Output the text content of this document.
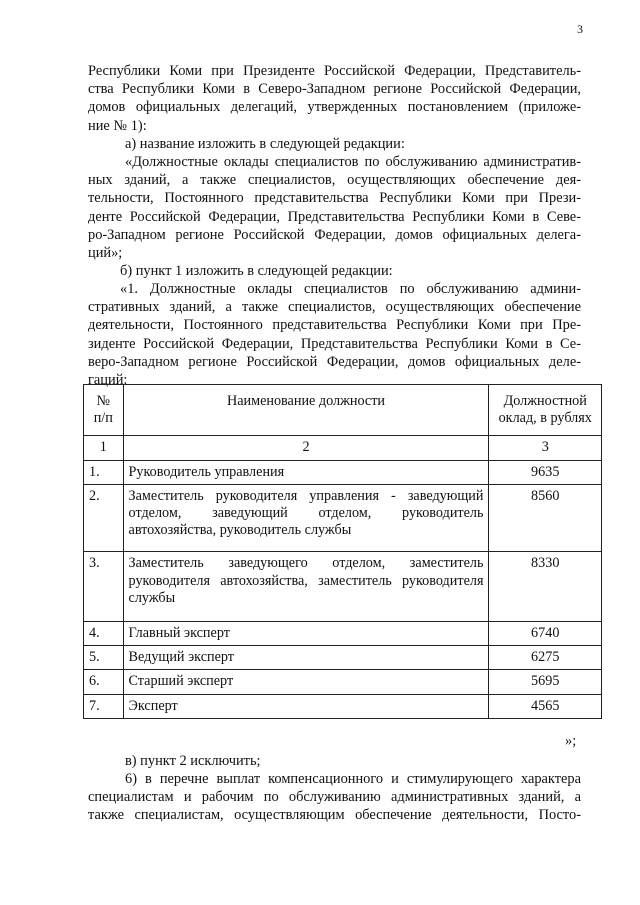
3
Республики Коми при Президенте Российской Федерации, Представитель-
ства Республики Коми в Северо-Западном регионе Российской Федерации,
домов официальных делегаций, утвержденных постановлением (приложе-
ние № 1):
а) название изложить в следующей редакции:
«Должностные оклады специалистов по обслуживанию административ-
ных зданий, а также специалистов, осуществляющих обеспечение дея-
тельности, Постоянного представительства Республики Коми при Прези-
денте Российской Федерации, Представительства Республики Коми в Севе-
ро-Западном регионе Российской Федерации, домов официальных делега-
ций»;
б) пункт 1 изложить в следующей редакции:
«1. Должностные оклады специалистов по обслуживанию админи-
стративных зданий, а также специалистов, осуществляющих обеспечение
деятельности, Постоянного представительства Республики Коми при Пре-
зиденте Российской Федерации, Представительства Республики Коми в Се-
веро-Западном регионе Российской Федерации, домов официальных деле-
гаций:
№ п/п	Наименование должности	Должностной оклад, в рублях
1	2	3
1.	Руководитель управления	9635
2.	Заместитель руководителя управления - заведующий отделом, заведующий отделом, руководитель автохозяйства, руководитель службы	8560
3.	Заместитель заведующего отделом, заместитель руководителя автохозяйства, заместитель руководителя службы	8330
4.	Главный эксперт	6740
5.	Ведущий эксперт	6275
6.	Старший эксперт	5695
7.	Эксперт	4565
»;
в) пункт 2 исключить;
6) в перечне выплат компенсационного и стимулирующего характера
специалистам и рабочим по обслуживанию административных зданий, а
также специалистам, осуществляющим обеспечение деятельности, Посто-
